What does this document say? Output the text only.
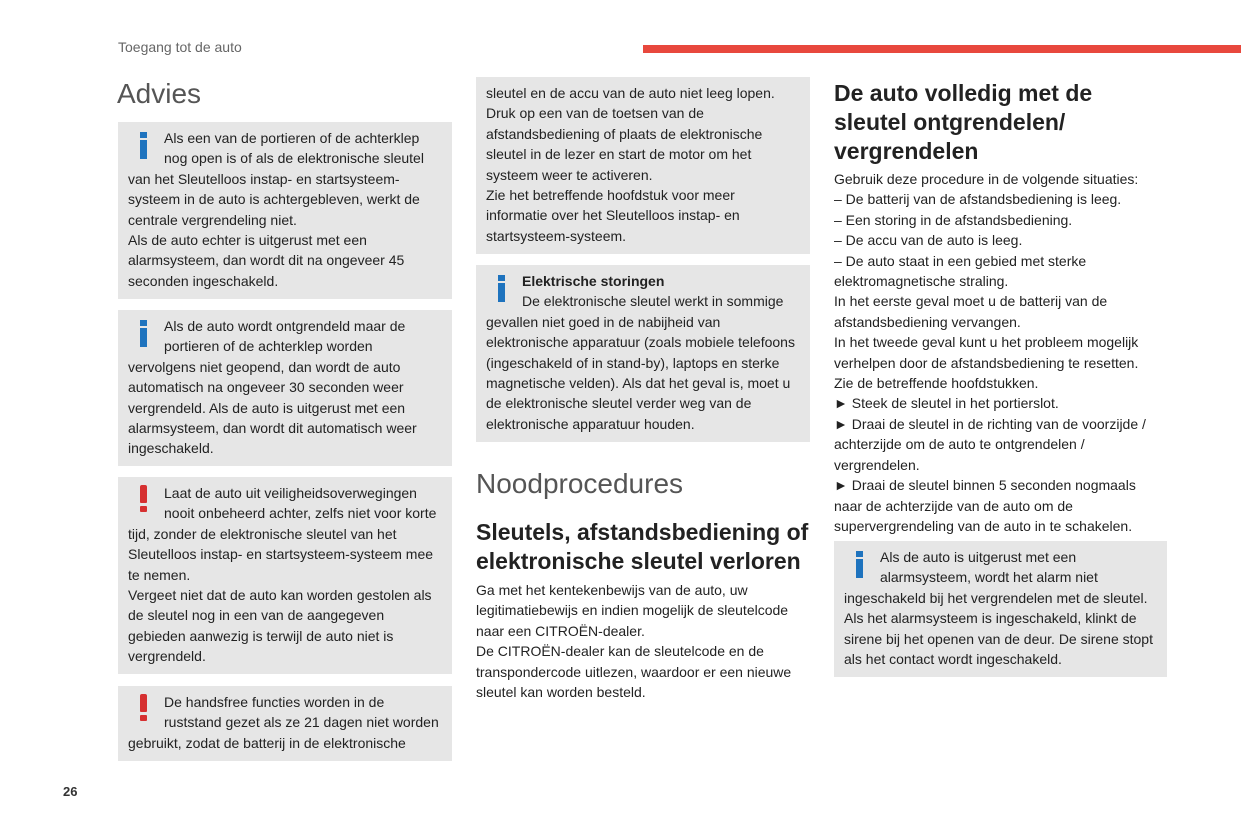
Toegang tot de auto
Advies

Als een van de portieren of de achterklep nog open is of als de elektronische sleutel van het Sleutelloos instap- en startsysteem-systeem in de auto is achtergebleven, werkt de centrale vergrendeling niet.

Als de auto echter is uitgerust met een alarmsysteem, dan wordt dit na ongeveer 45 seconden ingeschakeld.

Als de auto wordt ontgrendeld maar de portieren of de achterklep worden vervolgens niet geopend, dan wordt de auto automatisch na ongeveer 30 seconden weer vergrendeld. Als de auto is uitgerust met een alarmsysteem, dan wordt dit automatisch weer ingeschakeld.

Laat de auto uit veiligheidsoverwegingen nooit onbeheerd achter, zelfs niet voor korte tijd, zonder de elektronische sleutel van het Sleutelloos instap- en startsysteem-systeem mee te nemen.

Vergeet niet dat de auto kan worden gestolen als de sleutel nog in een van de aangegeven gebieden aanwezig is terwijl de auto niet is vergrendeld.

De handsfree functies worden in de ruststand gezet als ze 21 dagen niet worden gebruikt, zodat de batterij in de elektronische

sleutel en de accu van de auto niet leeg lopen.

Druk op een van de toetsen van de afstandsbediening of plaats de elektronische sleutel in de lezer en start de motor om het systeem weer te activeren.

Zie het betreffende hoofdstuk voor meer informatie over het Sleutelloos instap- en startsysteem-systeem.

Elektrische storingen

De elektronische sleutel werkt in sommige gevallen niet goed in de nabijheid van elektronische apparatuur (zoals mobiele telefoons (ingeschakeld of in stand-by), laptops en sterke magnetische velden). Als dat het geval is, moet u de elektronische sleutel verder weg van de elektronische apparatuur houden.

Noodprocedures
Sleutels, afstandsbediening of elektronische sleutel verloren

Ga met het kentekenbewijs van de auto, uw legitimatiebewijs en indien mogelijk de sleutelcode naar een CITROËN-dealer.

De CITROËN-dealer kan de sleutelcode en de transpondercode uitlezen, waardoor er een nieuwe sleutel kan worden besteld.

De auto volledig met de sleutel ontgrendelen/ vergrendelen

Gebruik deze procedure in de volgende situaties:

– De batterij van de afstandsbediening is leeg.

– Een storing in de afstandsbediening.

– De accu van de auto is leeg.

– De auto staat in een gebied met sterke elektromagnetische straling.

In het eerste geval moet u de batterij van de afstandsbediening vervangen.

In het tweede geval kunt u het probleem mogelijk verhelpen door de afstandsbediening te resetten.

Zie de betreffende hoofdstukken.

► Steek de sleutel in het portierslot.

► Draai de sleutel in de richting van de voorzijde / achterzijde om de auto te ontgrendelen / vergrendelen.

► Draai de sleutel binnen 5 seconden nogmaals naar de achterzijde van de auto om de supervergrendeling van de auto in te schakelen.

Als de auto is uitgerust met een alarmsysteem, wordt het alarm niet ingeschakeld bij het vergrendelen met de sleutel. Als het alarmsysteem is ingeschakeld, klinkt de sirene bij het openen van de deur. De sirene stopt als het contact wordt ingeschakeld.

26
